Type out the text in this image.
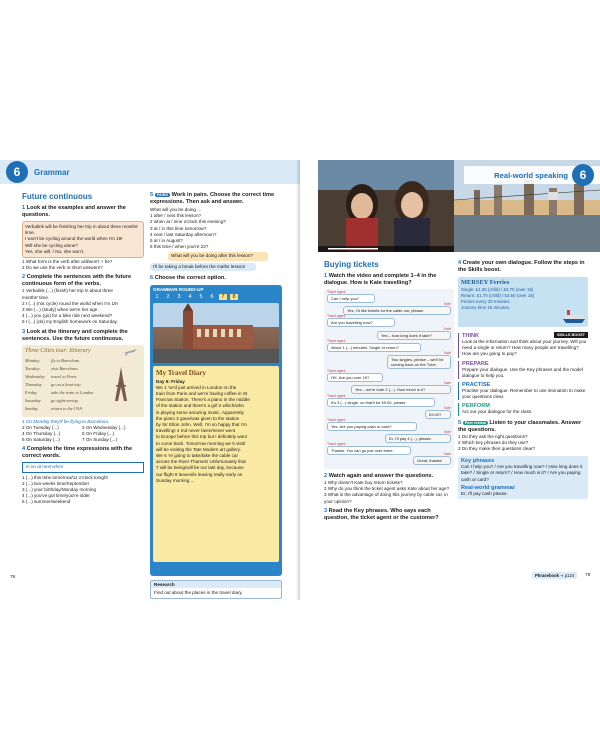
6	Grammar
Future continuous
1 Look at the examples and answer the questions.
Verbalink will be finishing her trip in about three months' time.
I won't be cycling around the world when I'm 19!
Will she be cycling alone?
Yes, she will. / No, she won't.
1 What form is the verb after will/won't + be?
2 Do we use the verb in short answers?
2 Complete the sentences with the future continuous form of the verbs.
1 Verbalink (...) (finish) her trip in about three
months' time.
2 I (...) (not cycle) round the world when I'm 19!
3 We (...) (study) when we're her age.
4 (...) you (go) for a bike ride next weekend?
5 I (...) (do) my English homework on Saturday.
3 Look at the itinerary and complete the sentences. Use the future continuous.
Three Cities tour: Itinerary
Monday	fly to Barcelona
Tuesday	visit Barcelona
Wednesday travel to Paris
Thursday go on a boat trip
Friday	take the train to London
Saturday go sight-seeing
Sunday	return to the USA
1 On Monday they'll be flying to Barcelona.
2 On Tuesday (...)
4 On Thursday (...)
6 On Saturday (...)
3 On Wednesday (...)
5 On Friday (...)
7 On Sunday (...)
4 Complete the time expressions with the correct words.
in on at next when
1 (...) this time tomorrow/11 o'clock tonight
2 (...) two weeks time/September
3 (...) your birthday/Monday morning
4 (...) you've got time/you're older
5 (...) summer/weekend
5 PAIRS Work in pairs. Choose the correct time expressions. Then ask and answer.
What will you be doing ...
1 after / next this lesson?
2 when at / nine o'clock this evening?
3 at / in this time tomorrow?
4 next / last Saturday afternoon?
5 at / in August?
6 this time / when you're 22?
What will you be doing after this lesson?
I'll be taking a break before the maths lesson!
6 Choose the correct option.
GRAMMAR ROUND-UP
1	2	3	4	5	6	7	8
My Travel Diary
Day 5: Friday
We 1 've'd just arrived in London on the
train from Paris and we're having coffee in St
Pancras Station. There's a piano in the middle
of the station and there's a girl 2 which/who
is playing some amazing music. Apparently
the piano 3 gave/was given to the station
by Sir Elton John. Well, I'm so happy that I'm
travelling! 4 Ind never been/never went
to Europe before this trip but I definitely want
to come back. Tomorrow morning we 5 visit/
will be visiting the Tate Modern art gallery.
We 6 're going to take/take the cable car
across the River Thames! Unfortunately that
7 will be being/will be our last day, because
our flight 8 leaves/is leaving really early on
Sunday morning ...
Research
Find out about the places in the travel diary.
78
Real-world speaking 6
Buying tickets
1 Watch the video and complete 1–4 in the dialogue. How is Kate travelling?
Ticket agent
Can I help you?
Kate
Yes, I'd like tickets for the cable car, please.
Ticket agent
Are you travelling now?
Kate
Yes – how long does it take?
Ticket agent
About 1 (...) minutes. Single or return?
Kate
Two singles, please – we'll be coming back on the Tube.
Ticket agent
OK. Are you over 15?
Kate
Yes – we're both 2 (...). How much is it?
Ticket agent
It's 3 (...) single, so that'll be £9.00, please.
Kate
£9.00?
Ticket agent
Yes. Are you paying cash or card?
Kate
Er, I'll pay 4 (...), please.
Ticket agent
Thanks. You can go just over there.
Kate
Great, thanks!
2 Watch again and answer the questions.
1 Why doesn't Kate buy return tickets?
2 Why do you think the ticket agent asks Kate about her age?
3 What is the advantage of doing this journey by cable car, in your opinion?
3 Read the Key phrases. Who says each question, the ticket agent or the customer?
4 Create your own dialogue. Follow the steps in the Skills boost.
MERSEY Ferries
Single: £1.30 (child) / £2.70 (over 15)
Return: £1.70 (child) / £3.50 (over 15)
Ferries every 20 minutes.
Journey time 10 minutes.
SKILLS BOOST
THINK
Look at the information and think about your journey. Will you need a single or return? How many people are travelling? How are you going to pay?
PREPARE
Prepare your dialogue. Use the Key phrases and the model dialogue to help you.
PRACTISE
Practise your dialogue. Remember to use intonation to make your questions clear.
PERFORM
Act out your dialogue for the class.
5 Peer review Listen to your classmates. Answer the questions.
1 Do they ask the right questions?
2 Which key phrases do they use?
3 Do they make their questions clear?
Key phrases
Can I help you? / Are you travelling now? / How long does it take? / Single or return? / How much is it? / Are you paying cash or card?
Real-world grammar
Er, I'll pay cash please.
Phrasebook ➜ p124	79
